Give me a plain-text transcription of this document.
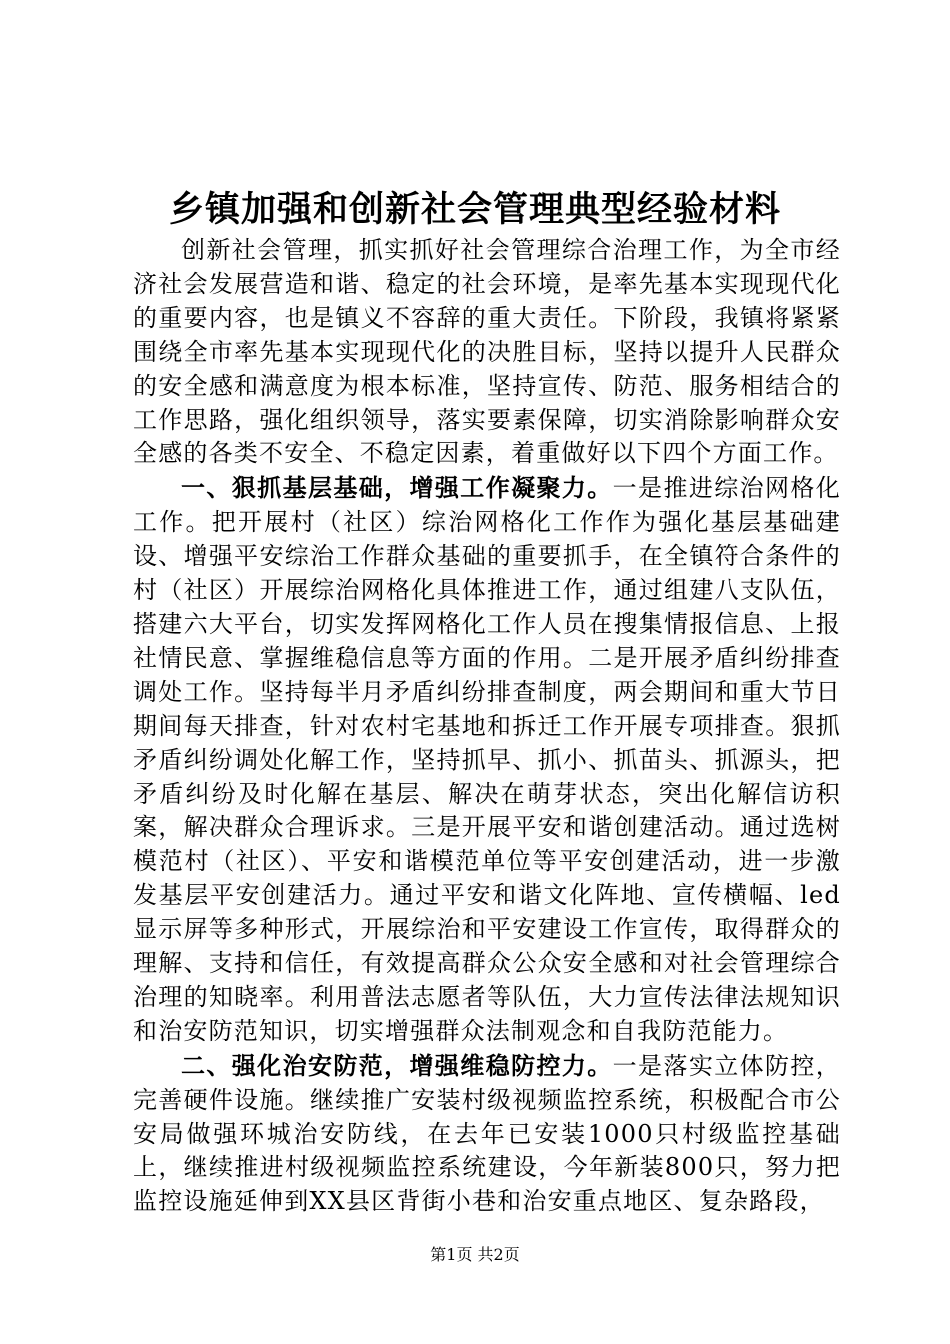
乡镇加强和创新社会管理典型经验材料

创新社会管理，抓实抓好社会管理综合治理工作，为全市经济社会发展营造和谐、稳定的社会环境，是率先基本实现现代化的重要内容，也是镇义不容辞的重大责任。下阶段，我镇将紧紧围绕全市率先基本实现现代化的决胜目标，坚持以提升人民群众的安全感和满意度为根本标准，坚持宣传、防范、服务相结合的工作思路，强化组织领导，落实要素保障，切实消除影响群众安全感的各类不安全、不稳定因素，着重做好以下四个方面工作。

一、狠抓基层基础，增强工作凝聚力。一是推进综治网格化工作。把开展村（社区）综治网格化工作作为强化基层基础建设、增强平安综治工作群众基础的重要抓手，在全镇符合条件的村（社区）开展综治网格化具体推进工作，通过组建八支队伍，搭建六大平台，切实发挥网格化工作人员在搜集情报信息、上报社情民意、掌握维稳信息等方面的作用。二是开展矛盾纠纷排查调处工作。坚持每半月矛盾纠纷排查制度，两会期间和重大节日期间每天排查，针对农村宅基地和拆迁工作开展专项排查。狠抓矛盾纠纷调处化解工作，坚持抓早、抓小、抓苗头、抓源头，把矛盾纠纷及时化解在基层、解决在萌芽状态，突出化解信访积案，解决群众合理诉求。三是开展平安和谐创建活动。通过选树模范村（社区）、平安和谐模范单位等平安创建活动，进一步激发基层平安创建活力。通过平安和谐文化阵地、宣传横幅、led显示屏等多种形式，开展综治和平安建设工作宣传，取得群众的理解、支持和信任，有效提高群众公众安全感和对社会管理综合治理的知晓率。利用普法志愿者等队伍，大力宣传法律法规知识和治安防范知识，切实增强群众法制观念和自我防范能力。

二、强化治安防范，增强维稳防控力。一是落实立体防控，完善硬件设施。继续推广安装村级视频监控系统，积极配合市公安局做强环城治安防线，在去年已安装1000只村级监控基础上，继续推进村级视频监控系统建设，今年新装800只，努力把监控设施延伸到XX县区背街小巷和治安重点地区、复杂路段，

第1页 共2页
